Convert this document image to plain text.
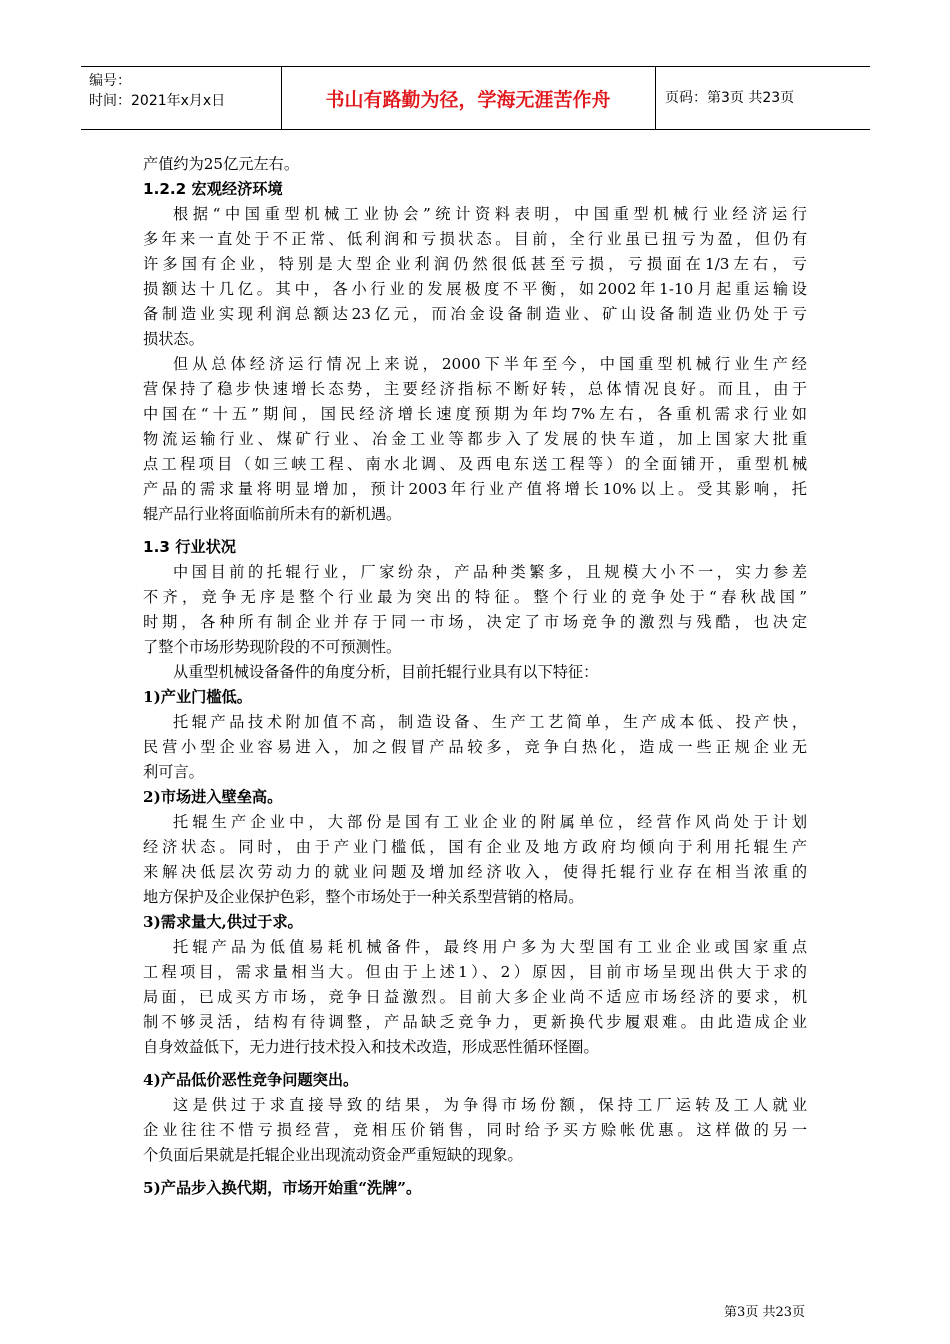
编号：
时间：2021年x月x日	书山有路勤为径，学海无涯苦作舟	页码：第3页 共23页
产值约为25亿元左右。
1.2.2 宏观经济环境
根据“中国重型机械工业协会”统计资料表明，中国重型机械行业经济运行
多年来一直处于不正常、低利润和亏损状态。目前，全行业虽已扭亏为盈，但仍有
许多国有企业，特别是大型企业利润仍然很低甚至亏损，亏损面在1/3左右，亏
损额达十几亿。其中，各小行业的发展极度不平衡，如2002年1-10月起重运输设
备制造业实现利润总额达23亿元，而冶金设备制造业、矿山设备制造业仍处于亏
损状态。
但从总体经济运行情况上来说，2000下半年至今，中国重型机械行业生产经
营保持了稳步快速增长态势，主要经济指标不断好转，总体情况良好。而且，由于
中国在“十五”期间，国民经济增长速度预期为年均7%左右，各重机需求行业如
物流运输行业、煤矿行业、冶金工业等都步入了发展的快车道，加上国家大批重
点工程项目（如三峡工程、南水北调、及西电东送工程等）的全面铺开，重型机械
产品的需求量将明显增加，预计2003年行业产值将增长10%以上。受其影响，托
辊产品行业将面临前所未有的新机遇。
1.3 行业状况
中国目前的托辊行业，厂家纷杂，产品种类繁多，且规模大小不一，实力参差
不齐，竞争无序是整个行业最为突出的特征。整个行业的竞争处于“春秋战国”
时期，各种所有制企业并存于同一市场，决定了市场竞争的激烈与残酷，也决定
了整个市场形势现阶段的不可预测性。
从重型机械设备备件的角度分析，目前托辊行业具有以下特征：
1)产业门槛低。
托辊产品技术附加值不高，制造设备、生产工艺简单，生产成本低、投产快，
民营小型企业容易进入，加之假冒产品较多，竞争白热化，造成一些正规企业无
利可言。
2)市场进入壁垒高。
托辊生产企业中，大部份是国有工业企业的附属单位，经营作风尚处于计划
经济状态。同时，由于产业门槛低，国有企业及地方政府均倾向于利用托辊生产
来解决低层次劳动力的就业问题及增加经济收入，使得托辊行业存在相当浓重的
地方保护及企业保护色彩，整个市场处于一种关系型营销的格局。
3)需求量大,供过于求。
托辊产品为低值易耗机械备件，最终用户多为大型国有工业企业或国家重点
工程项目，需求量相当大。但由于上述1）、2）原因，目前市场呈现出供大于求的
局面，已成买方市场，竞争日益激烈。目前大多企业尚不适应市场经济的要求，机
制不够灵活，结构有待调整，产品缺乏竞争力，更新换代步履艰难。由此造成企业
自身效益低下，无力进行技术投入和技术改造，形成恶性循环怪圈。
4)产品低价恶性竞争问题突出。
这是供过于求直接导致的结果，为争得市场份额，保持工厂运转及工人就业
企业往往不惜亏损经营，竞相压价销售，同时给予买方赊帐优惠。这样做的另一
个负面后果就是托辊企业出现流动资金严重短缺的现象。
5)产品步入换代期，市场开始重“洗牌”。
第3页 共23页
